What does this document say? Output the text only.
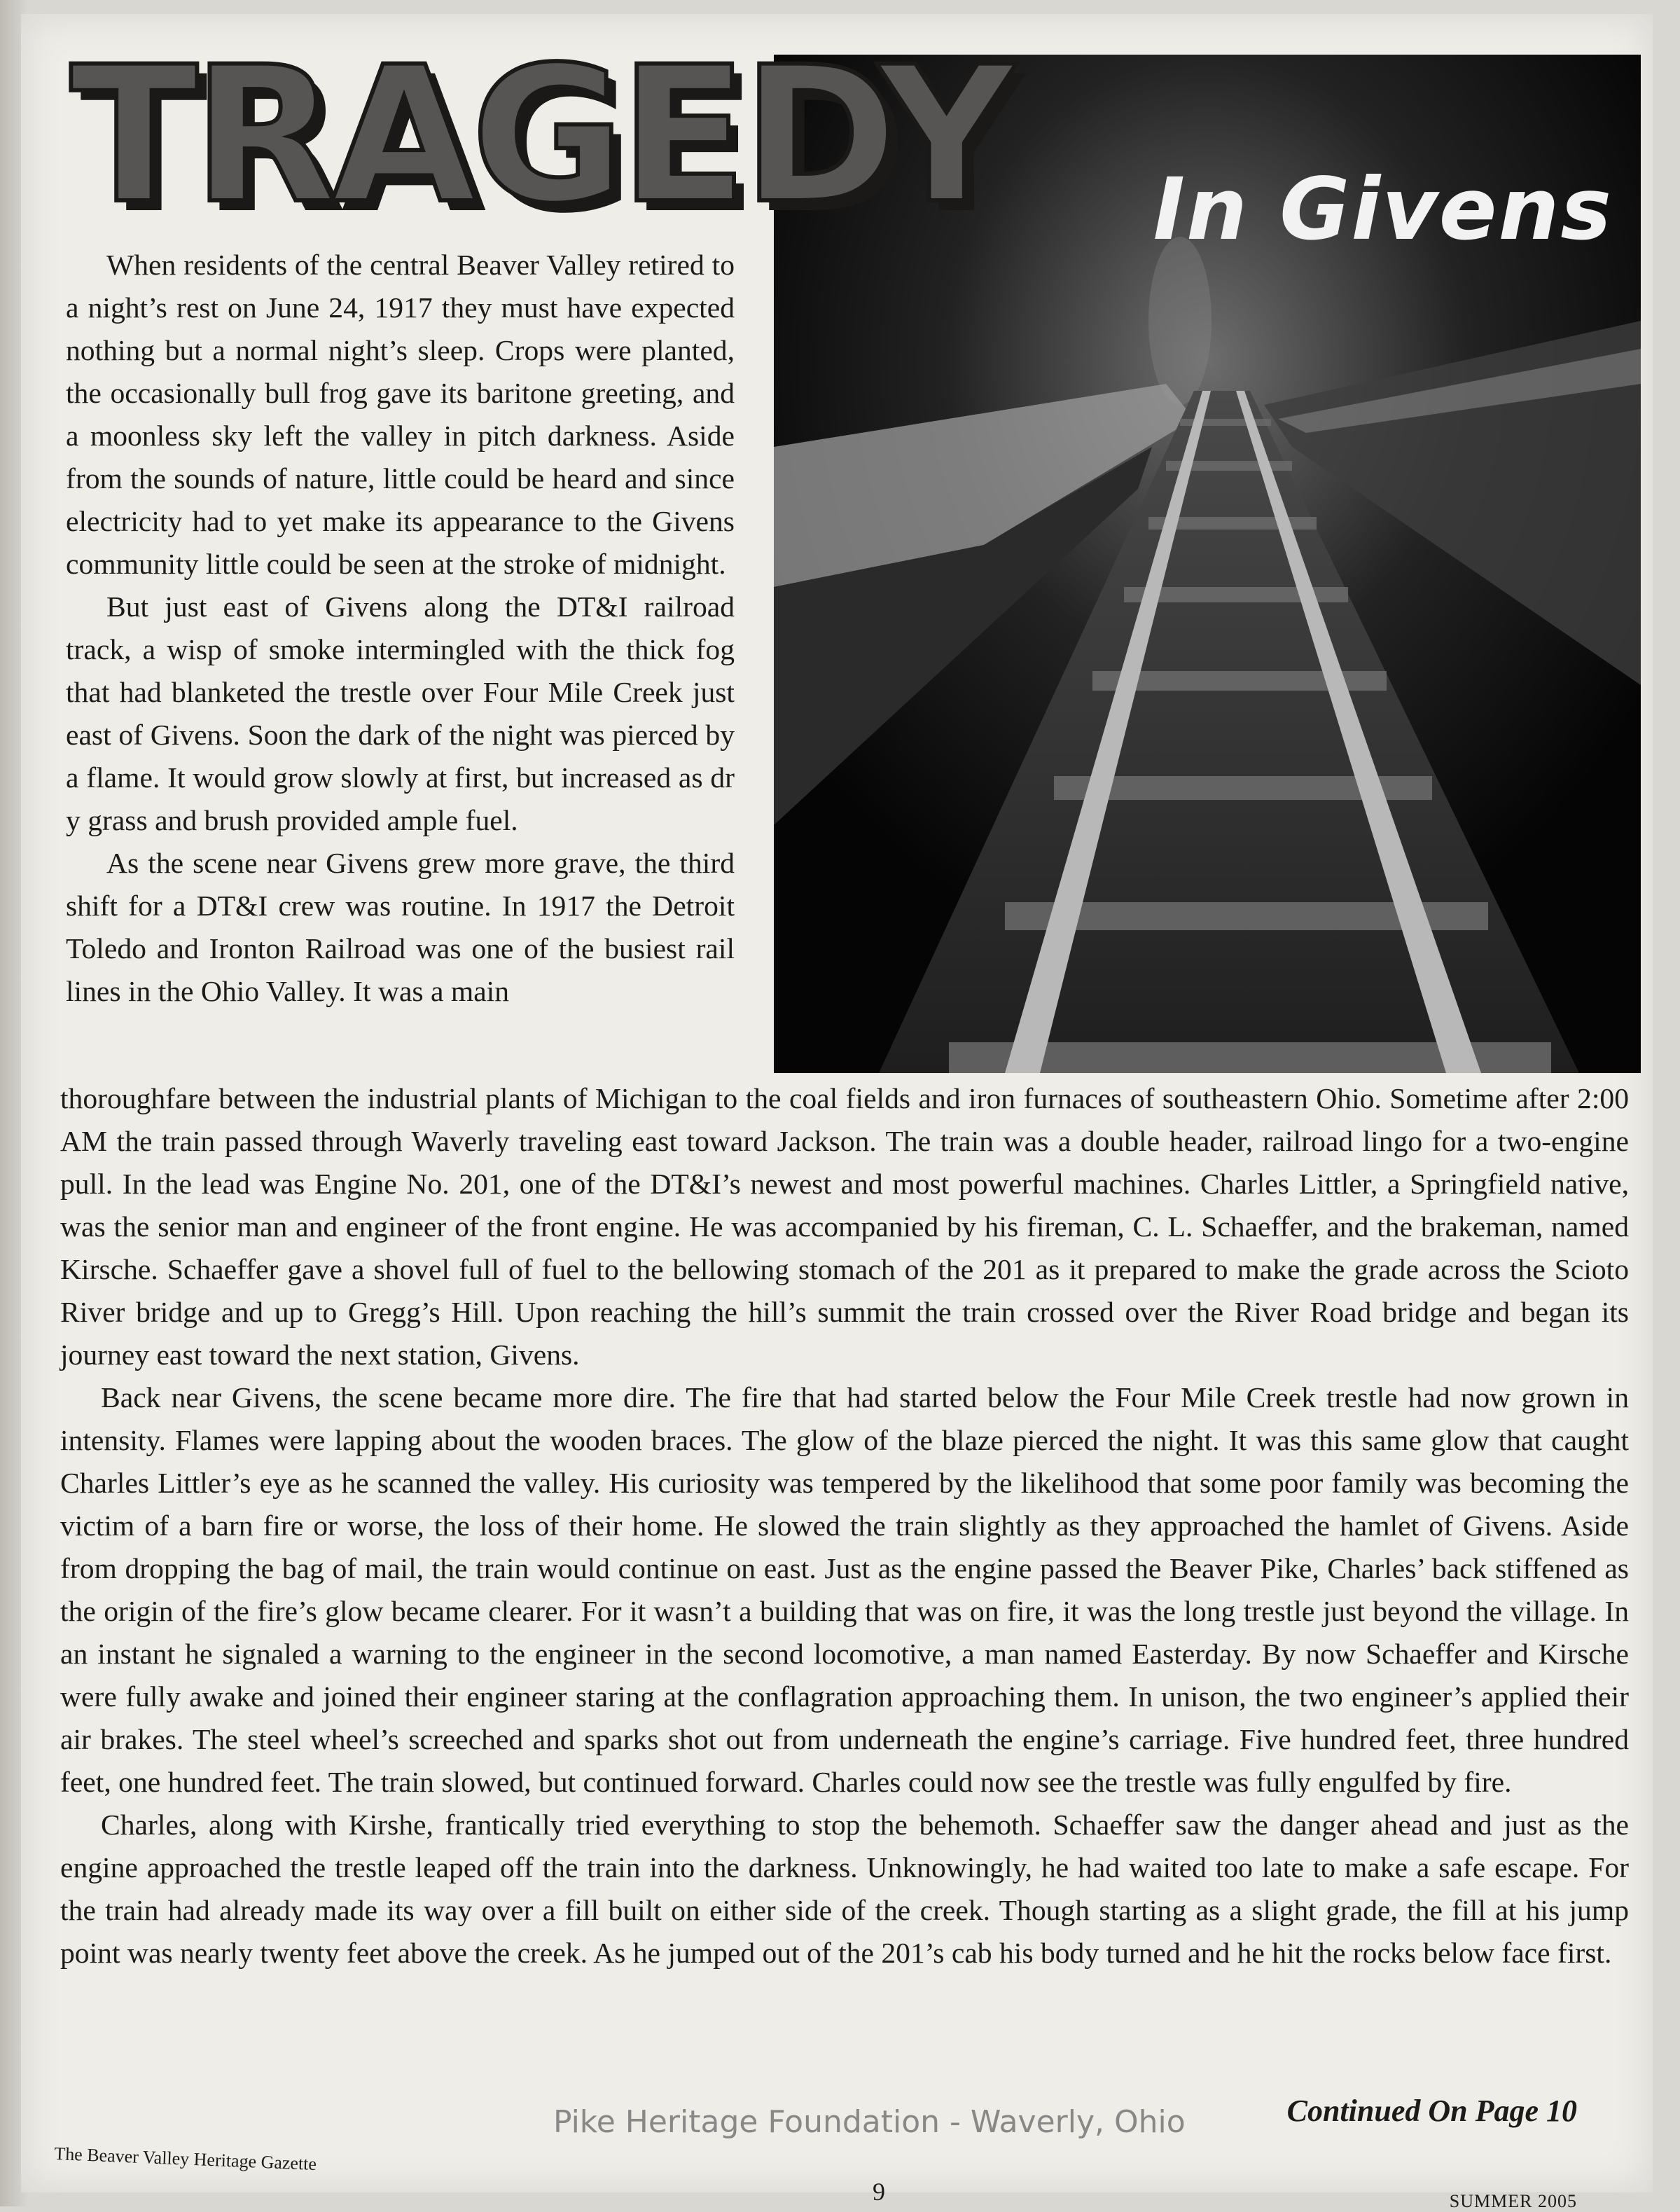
In Givens
TRAGEDY

When residents of the central Beaver Valley retired to a night’s rest on June 24, 1917 they must have expected nothing but a normal night’s sleep. Crops were planted, the occasionally bull frog gave its baritone greeting, and a moonless sky left the valley in pitch darkness. Aside from the sounds of nature, little could be heard and since electricity had to yet make its appearance to the Givens community little could be seen at the stroke of midnight.

But just east of Givens along the DT&I railroad track, a wisp of smoke intermingled with the thick fog that had blanketed the trestle over Four Mile Creek just east of Givens. Soon the dark of the night was pierced by a flame. It would grow slowly at first, but increased as dr y grass and brush provided ample fuel.

As the scene near Givens grew more grave, the third shift for a DT&I crew was routine. In 1917 the Detroit Toledo and Ironton Railroad was one of the busiest rail lines in the Ohio Valley. It was a main

thoroughfare between the industrial plants of Michigan to the coal fields and iron furnaces of southeastern Ohio. Sometime after 2:00 AM the train passed through Waverly traveling east toward Jackson. The train was a double header, railroad lingo for a two-engine pull. In the lead was Engine No. 201, one of the DT&I’s newest and most powerful machines. Charles Littler, a Springfield native, was the senior man and engineer of the front engine. He was accompanied by his fireman, C. L. Schaeffer, and the brakeman, named Kirsche. Schaeffer gave a shovel full of fuel to the bellowing stomach of the 201 as it prepared to make the grade across the Scioto River bridge and up to Gregg’s Hill. Upon reaching the hill’s summit the train crossed over the River Road bridge and began its journey east toward the next station, Givens.

Back near Givens, the scene became more dire. The fire that had started below the Four Mile Creek trestle had now grown in intensity. Flames were lapping about the wooden braces. The glow of the blaze pierced the night. It was this same glow that caught Charles Littler’s eye as he scanned the valley. His curiosity was tempered by the likelihood that some poor family was becoming the victim of a barn fire or worse, the loss of their home. He slowed the train slightly as they approached the hamlet of Givens. Aside from dropping the bag of mail, the train would continue on east. Just as the engine passed the Beaver Pike, Charles’ back stiffened as the origin of the fire’s glow became clearer. For it wasn’t a building that was on fire, it was the long trestle just beyond the village. In an instant he signaled a warning to the engineer in the second locomotive, a man named Easterday. By now Schaeffer and Kirsche were fully awake and joined their engineer staring at the conflagration approaching them. In unison, the two engineer’s applied their air brakes. The steel wheel’s screeched and sparks shot out from underneath the engine’s carriage. Five hundred feet, three hundred feet, one hundred feet. The train slowed, but continued forward. Charles could now see the trestle was fully engulfed by fire.

Charles, along with Kirshe, frantically tried everything to stop the behemoth. Schaeffer saw the danger ahead and just as the engine approached the trestle leaped off the train into the darkness. Unknowingly, he had waited too late to make a safe escape. For the train had already made its way over a fill built on either side of the creek. Though starting as a slight grade, the fill at his jump point was nearly twenty feet above the creek. As he jumped out of the 201’s cab his body turned and he hit the rocks below face first.

Pike Heritage Foundation - Waverly, Ohio	Continued On Page 10
The Beaver Valley Heritage Gazette
9	SUMMER 2005
